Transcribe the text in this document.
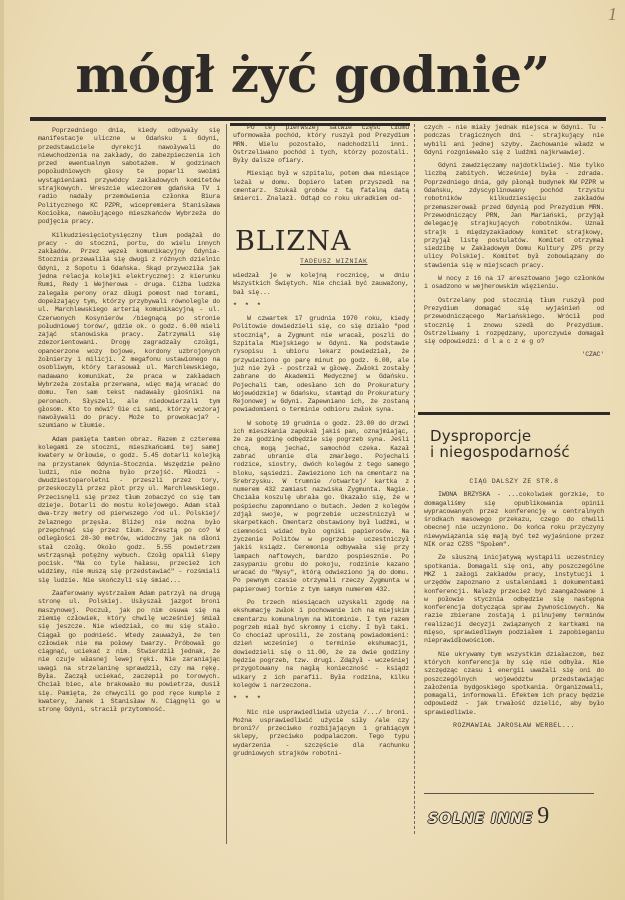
1
mógł żyć godnie”

Poprzedniego dnia, kiedy odbywały się manifestacje uliczne w Gdańsku i Gdyni, przedstawiciele dyrekcji nawoływali do niewchodzenia na zakłady, do zabezpieczenia ich przed ewentualnym sabotażem. W godzinach popołudniowych głosy te poparli swoimi wystąpieniami przywódcy zakładowych komitetów strajkowych. Wreszcie wieczorem gdańska TV i radio nadały przemówienia członka Biura Politycznego KC PZPR, wicepremiera Stanisława Kociołka, nawołującego mieszkańców Wybrzeża do podjęcia pracy.

Kilkudziesięciotysięczny tłum podążał do pracy - do stoczni, portu, do wielu innych zakładów. Przez węzeł komunikacyjny Gdynia-Stocznia przewaliła się dwugi z różnych dzielnic Gdyni, z Sopotu i Gdańska. Skąd przywoziła jak jedna relacja kolejki elektrycznej: z kierunku Rumi, Redy i Wejherowa - druga. Ciżba ludzka zalegała perony oraz długi pomost nad torami, dopełzający tym, którzy przybywali równolegle do ul. Marchlewskiego arterią komunikacyjną - ul. Czerwonych Kosynierów /biegnącą po stronie południowej torów/, gdzie ok. o godz. 6.00 mieli zająć stanowiska pracy. Zatrzymali się zdezorientowani. Drogę zagradzały czołgi, opancerzone wozy bojowe, kordony uzbrojonych żołnierzy i milicji. Z megafonu ustawionego na osobliwym, który tarasował ul. Marchlewskiego, nadawano komunikat, że praca w zakładach Wybrzeża została przerwana, więc mają wracać do domu. Ten sam tekst nadawały głośniki na peronach. Słyszeli, ale niedowierzali tym głosom. Kto to mówi? Gie ci sami, którzy wczoraj nawoływali do pracy. Może to prowokacja? - szumiano w tłumie.

Adam pamięta tamten obraz. Razem z czterema kolegami ze stoczni, mieszkańcami tej samej kwatery w Orłowie, o godz. 5.45 dotarli kolejką na przystanek Gdynia-Stocznia. Wszędzie pełno ludzi, nie można było przejść. Młodzi - dwudziestoparoletni - przeszli przez tory, przeskoczyli przez płot przy ul. Marchlewskiego. Przecisnęli się przez tłum zobaczyć co się tam dzieje. Dotarli do mostu kolejowego. Adam stał dwa-trzy metry od pierwszego /od ul. Polskiej/ żelaznego przęsła. Bliżej nie można było przepchnąć się przez tłum. Zresztą po co? W odległości 20-30 metrów, widoczny jak na dłoni stał czołg. Około godz. 5.55 powietrzem wstrząsnął potężny wybuch. Czołg opalił ślepy pocisk. "Na co tyle hałasu, przecież ich widzimy, nie muszą się przedstawiać" - rozśmiali się ludzie. Nie skończyli się śmiać...

Zaaferowany wystrzałem Adam patrzył na drugą stronę ul. Polskiej. Usłyszał jazgot broni maszynowej. Poczuł, jak po nim osuwa się na ziemię człowiek, który chwilę wcześniej śmiał się jeszcze. Nie wiedział, co mu się stało. Ciągał go podnieść. Wtedy zauważył, że ten człowiek nie ma połowy twarzy. Próbował go ciągnąć, uciekać z nim. Stwierdził jednak, że nie czuje własnej lewej ręki. Nie zaraniając uwagi na strzelaninę sprawdził, czy ma rękę. Była. Zaczął uciekać, zaczepił po torowych. Chciał biec, ale brakowało mu powietrza, dusił się. Pamięta, że chwycili go pod ręce kumple z kwatery, Janek i Stanisław N. Ciągnęli go w stronę Gdyni, stracił przytomność.

Po tej pierwszej salwie część tłumu uformowała pochód, który ruszył pod Prezydium MRN. Wielu pozostało, nadchodzili inni. Ostrzeliwano pochód i tych, którzy pozostali. Były dalsze ofiary.

Miesiąc był w szpitalu, potem dwa miesiące leżał w domu. Dopiero latem przyszedł na cmentarz. Szukał grobów z tą fatalną datą śmierci. Znalazł. Odtąd co roku ukradkiem od-

BLIZNA
TADEUSZ WIŻNIAK

wiedzał je w kolejną rocznicę, w dniu Wszystkich Świętych. Nie chciał być zauważony, bał się...

* * *

W czwartek 17 grudnia 1970 roku, kiedy Politowie dowiedzieli się, co się działo "pod stocznią", a Zygmunt nie wracał, poszli do Szpitala Miejskiego w Gdyni. Na podstawie rysopisu i ubioru lekarz powiedział, że przywieziono go parę minut po godz. 6.00, ale już nie żył - postrzał w głowę. Zwłoki zostały zabrane do Akademii Medycznej w Gdańsku. Pojechali tam, odesłano ich do Prokuratury Wojewódzkiej w Gdańsku, stamtąd do Prokuratury Rejonowej w Gdyni. Zapewniano ich, że zostaną powiadomieni o terminie odbioru zwłok syna.

W sobotę 19 grudnia o godz. 23.00 do drzwi ich mieszkania zapukał jakiś pan, oznajmiając, że za godzinę odbędzie się pogrzeb syna. Jeśli chcą, mogą jechać, samochód czeka. Kazał zabrać ubranie dla zmarłego. Pojechali rodzice, siostry, dwóch kolegów z tego samego bloku, sąsiedzi. Zawieziono ich na cmentarz na Srebrzysku. W trumnie /otwartej/ kartka z numerem 432 zamiast nazwiska Zygmunta. Nagie. Chciała koszulę ubrała go. Okazało się, że w pośpiechu zapomniano o butach. Jeden z kolegów zdjął swoje, w pogrzebie uczestniczył w skarpetkach. Cmentarz obstawiony był ludźmi, w ciemności widać było ogniki papierosów. Na życzenie Politów w pogrzebie uczestniczył jakiś ksiądz. Ceremonia odbywała się przy lampach naftowych, bardzo pospiesznie. Po zasypaniu grobu do pokoju, rodzinie kazano wracać do "Nysy", którą odwieziono ją do domu. Po pewnym czasie otrzymali rzeczy Zygmunta w papierowej torbie z tym samym numerem 432.

Po trzech miesiącach uzyskali zgodę na ekshumację zwłok i pochowanie ich na miejskim cmentarzu komunalnym na Witominie. I tym razem pogrzeb miał być skromny i cichy. I był taki. Co chociaż uprosili, że zostaną powiadomieni: dzień wcześniej o terminie ekshumacji, dowiedzieli się o 11.00, że za dwie godziny będzie pogrzeb, tzw. drugi. Zdążył - wcześniej przygotowany na nagłą konieczność - ksiądz wikary z ich parafii. Była rodzina, kilku kolegów i narzeczona.

* * *

Nic nie usprawiedliwia użycia /.../ broni. Można usprawiedliwić użycie siły /ale czy broni?/ przeciwko rozbijającym i grabiącym sklepy, przeciwko podpalaczom. Tego typu wydarzenia - szczęście dla rachunku grudniowych strajków robotni-

czych - nie miały jednak miejsca w Gdyni. Tu - podczas tragicznych dni - strajkujący nie wybili ani jednej szyby. Zachowanie władz w Gdyni rozgniewało się z ludźmi najkrwawiej.

Gdyni zawdzięczamy najdotkliwiej. Nie tylko liczbą zabitych. Wcześniej była - zdrada. Poprzedniego dnia, gdy płonął budynek KW PZPR w Gdańsku, zdyscyplinowany pochód trzystu robotników kilkudziesięciu zakładów przemaszerował przed Gdynią pod Prezydium MRN. Przewodniczący PRN, Jan Mariański, przyjął delegację strajkujących robotników. Uznał strajk i międzyzakładowy komitet strajkowy, przyjął listę postulatów. Komitet otrzymał siedzibę w Zakładowym Domu Kultury ZPS przy ulicy Polskiej. Komitet był zobowiązany do stawienia się w miejscach pracy.

W nocy z 16 na 17 aresztowano jego członków i osadzono w wejherowskim więzieniu.

Ostrzelany pod stocznią tłum ruszył pod Prezydium domagać się wyjaśnień od przewodniczącego Mariańskiego. Wrócił pod stocznię i znowu szedł do Prezydium. Ostrzeliwany i rozpędzany, uporczywie domagał się odpowiedzi: d l a c z e g o?

'CZAC'

Dysproporcje
i niegospodarność

CIĄG DALSZY ZE STR.8

IWONA BRZYSKA - ...cokolwiek gorzkie, to domagaliśmy się opublikowania opinii wypracowanych przez konferencję w centralnych środkach masowego przekazu, czego do chwili obecnej nie uczyniono. Do końca roku przyczyny niewywiązania się mają być też wyjaśnione przez NIK oraz CZSS "Społem".

Ze słuszną inicjatywą wystąpili uczestnicy spotkania. Domagali się oni, aby poszczególne MKZ i załogi zakładów pracy, instytucji i urzędów zapoznano z ustaleniami i dokumentami konferencji. Należy przecież być zaangażowane i w połowie stycznia odbędzie się następna konferencja dotycząca spraw żywnościowych. Na razie zbierane zostają i pilnujemy terminów realizacji decyzji związanych z kartkami na mięso, sprawiedliwym podziałem i zapobieganiu nieprawidłowościom.

Nie ukrywamy tym wszystkim działaczom, bez których konferencja by się nie odbyła. Nie szczędząc czasu i energii uważali się oni do poszczególnych województw przedstawiając założenia bydgoskiego spotkania. Organizowali, pomagali, informowali. Efektem ich pracy będzie odpowiedź - jak trwałość dzielić, aby było sprawiedliwie.

ROZMAWIAŁ JAROSŁAW WERBEL...

SOLNE INNE 9
